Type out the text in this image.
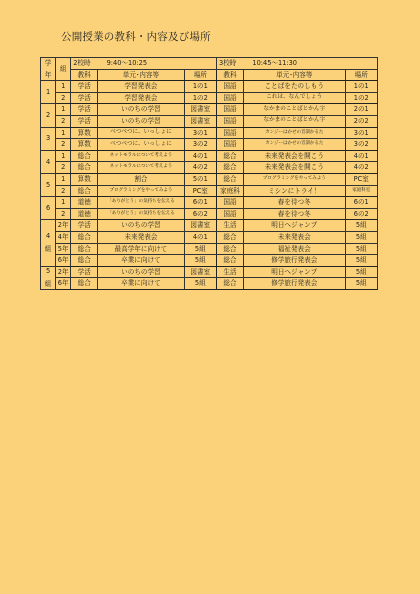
公開授業の教科・内容及び場所
学
年	組	2校時 9:40～10:25			3校時 10:45～11:30		
		教科	単元･内容等	場所	教科	単元･内容等	場所
1	1	学活	学習発表会	1の1	国語	ことばをたのしもう	1の1
	2	学活	学習発表会	1の2	国語	これは、なんでしょう	1の2
2	1	学活	いのちの学習	図書室	国語	なかまのことばとかん字	2の1
	2	学活	いのちの学習	図書室	国語	なかまのことばとかん字	2の2
3	1	算数	べつべつに、いっしょに	3の1	国語	カンジーはかせの音訓かるた	3の1
	2	算数	べつべつに、いっしょに	3の2	国語	カンジーはかせの音訓かるた	3の2
4	1	総合	ネットモラルについて考えよう	4の1	総合	未来発表会を開こう	4の1
	2	総合	ネットモラルについて考えよう	4の2	総合	未来発表会を開こう	4の2
5	1	算数	割合	5の1	総合	プログラミングをやってみよう	PC室
	2	総合	プログラミングをやってみよう	PC室	家庭科	ミシンにトライ！	家庭科室
6	1	道徳	「ありがとう」の気持ちを伝える	6の1	国語	春を待つ冬	6の1
	2	道徳	「ありがとう」の気持ちを伝える	6の2	国語	春を待つ冬	6の2

4
組	2年	学活	いのちの学習	図書室	生活	明日へジャンプ	5組
	4年	総合	未来発表会	4の1	総合	未来発表会	5組
	5年	総合	最高学年に向けて	5組	総合	福祉発表会	5組
	6年	総合	卒業に向けて	5組	総合	修学旅行発表会	5組

5
組	2年	学活	いのちの学習	図書室	生活	明日へジャンプ	5組
	6年	総合	卒業に向けて	5組	総合	修学旅行発表会	5組
